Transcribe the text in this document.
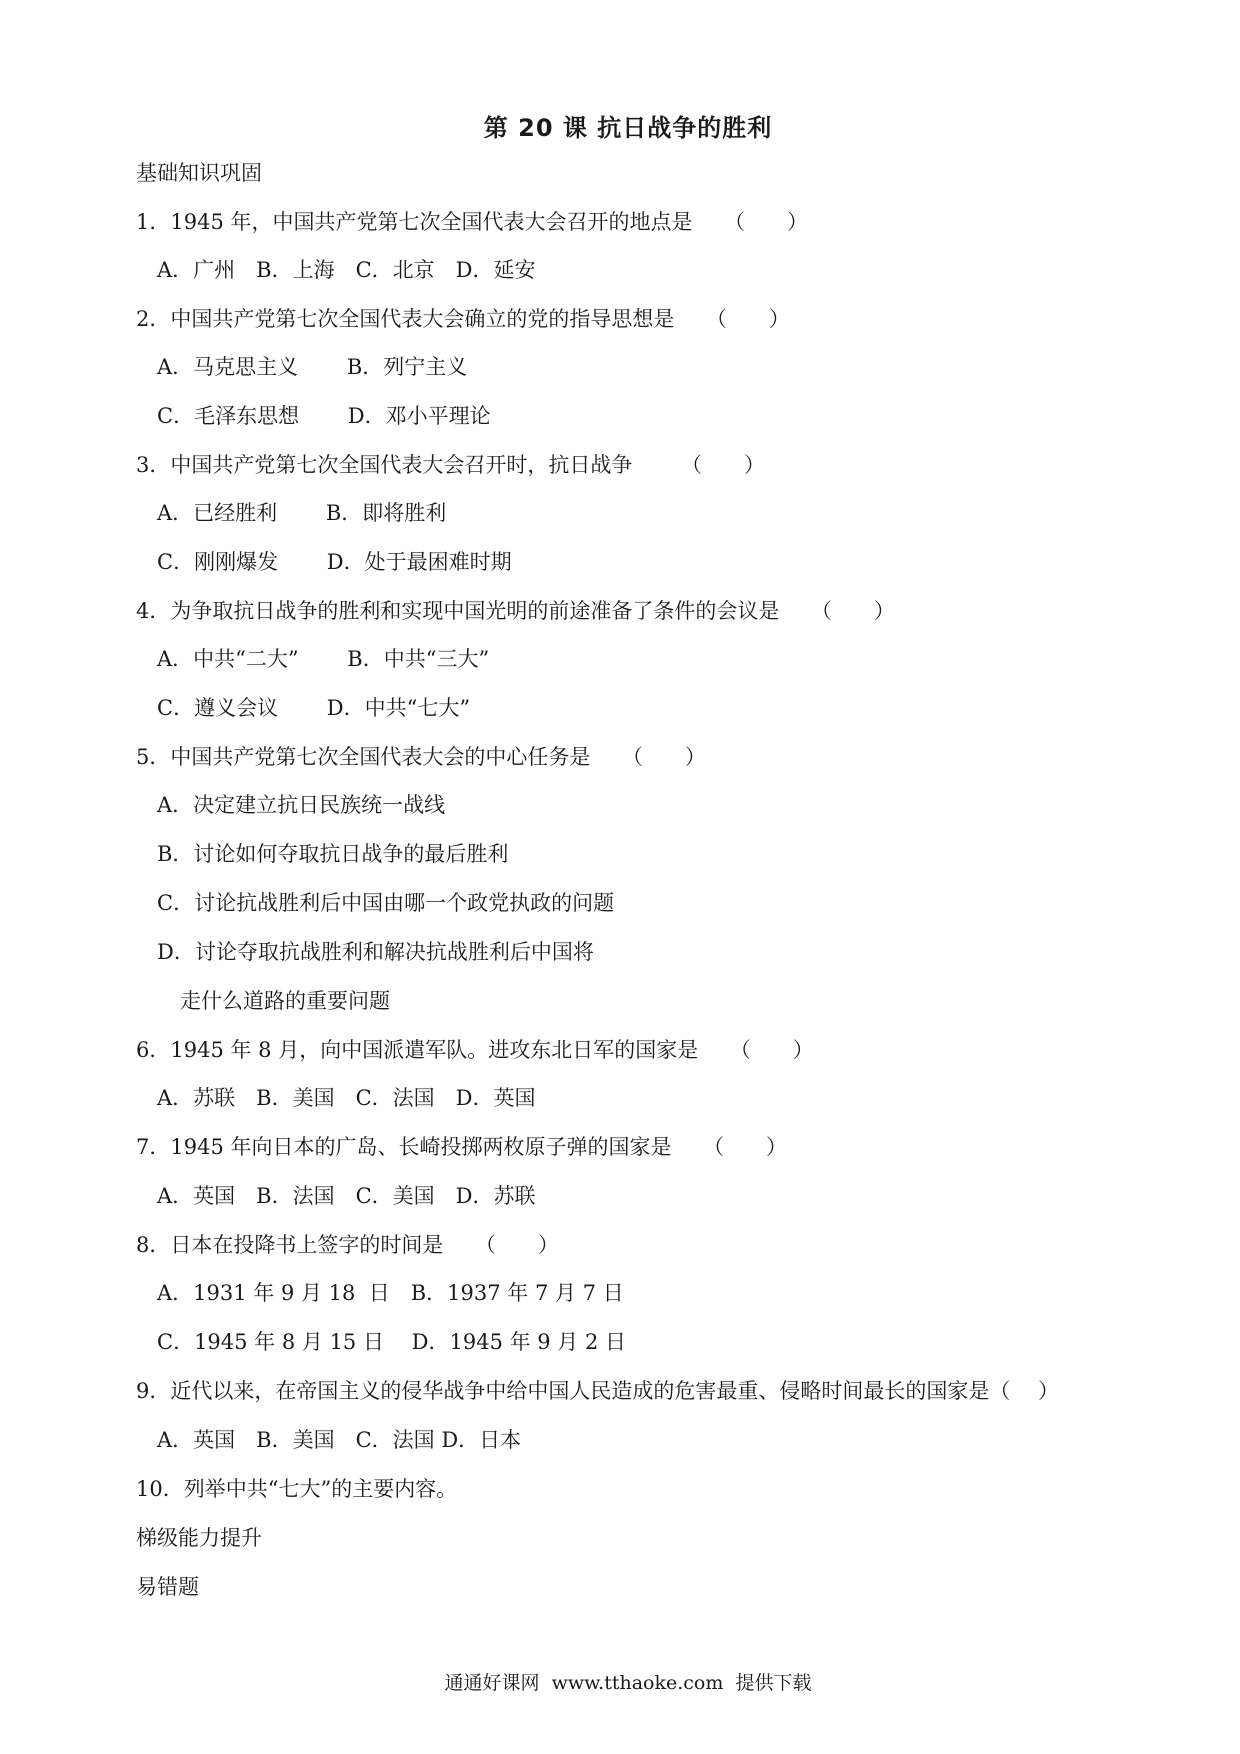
第 20 课 抗日战争的胜利
基础知识巩固
1．1945 年，中国共产党第七次全国代表大会召开的地点是　　（　　）
A．广州　B．上海　C．北京　D．延安
2．中国共产党第七次全国代表大会确立的党的指导思想是　　（　　）
A．马克思主义　　 B．列宁主义
C．毛泽东思想　　 D．邓小平理论
3．中国共产党第七次全国代表大会召开时，抗日战争　　 （　　）
A．已经胜利　　 B．即将胜利
C．刚刚爆发　　 D．处于最困难时期
4．为争取抗日战争的胜利和实现中国光明的前途准备了条件的会议是　　（　　）
A．中共“二大”　　 B．中共“三大”
C．遵义会议　　 D．中共“七大”
5．中国共产党第七次全国代表大会的中心任务是　　（　　）
A．决定建立抗日民族统一战线
B．讨论如何夺取抗日战争的最后胜利
C．讨论抗战胜利后中国由哪一个政党执政的问题
D．讨论夺取抗战胜利和解决抗战胜利后中国将
走什么道路的重要问题
6．1945 年 8 月，向中国派遣军队。进攻东北日军的国家是　　（　　）
A．苏联　B．美国　C．法国　D．英国
7．1945 年向日本的广岛、长崎投掷两枚原子弹的国家是　　（　　）
A．英国　B．法国　C．美国　D．苏联
8．日本在投降书上签字的时间是　　（　　）
A．1931 年 9 月 18  日　B．1937 年 7 月 7 日
C．1945 年 8 月 15 日　 D．1945 年 9 月 2 日
9．近代以来，在帝国主义的侵华战争中给中国人民造成的危害最重、侵略时间最长的国家是（　 ）
A．英国　B．美国　C．法国 D．日本
10．列举中共“七大”的主要内容。
梯级能力提升
易错题
通通好课网  www.tthaoke.com  提供下载
